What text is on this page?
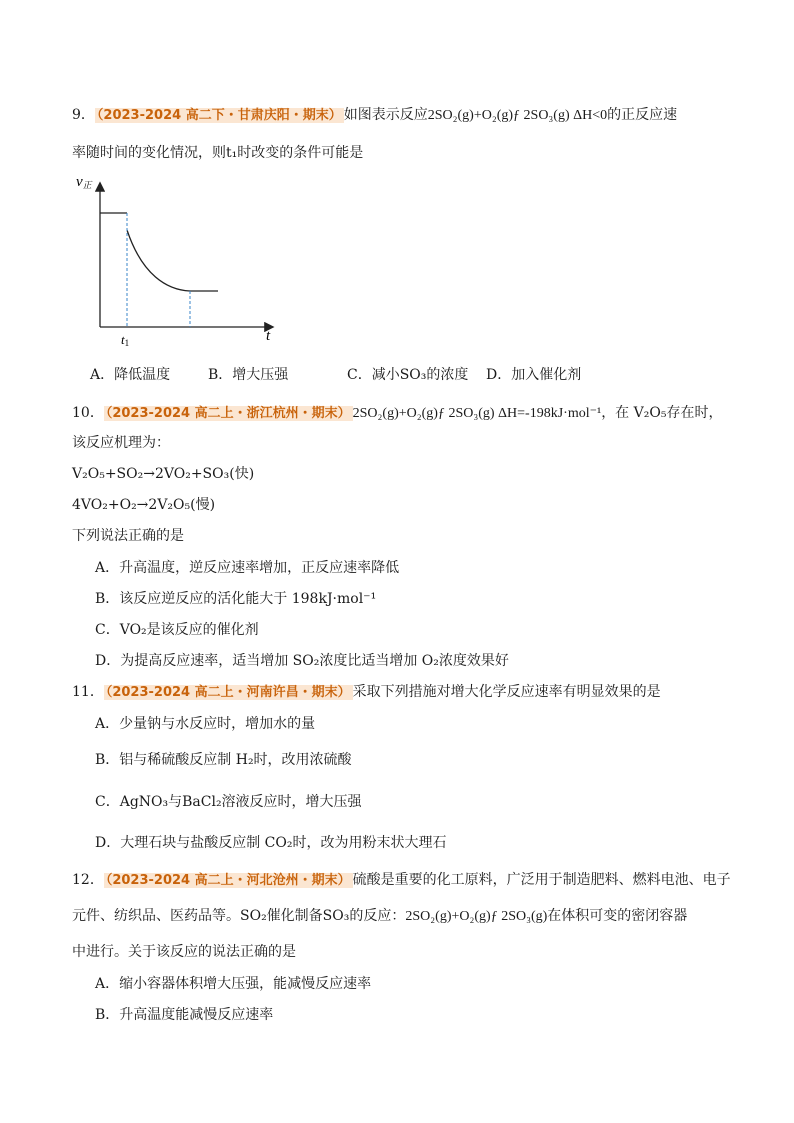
9． （2023-2024 高二下・甘肃庆阳・期末） 如图表示反应2SO₂(g)+O₂(g)ƒ 2SO₃(g) ΔH<0的正反应速
率随时间的变化情况，则t₁时改变的条件可能是
v正
t
t1
A．降低温度	B．增大压强	C．减小SO₃的浓度 D．加入催化剂
10． （2023-2024 高二上・浙江杭州・期末） 2SO₂(g)+O₂(g)ƒ 2SO₃(g) ΔH=-198kJ·mol⁻¹，在 V₂O₅存在时，
该反应机理为：
V₂O₅+SO₂→2VO₂+SO₃(快)
4VO₂+O₂→2V₂O₅(慢)
下列说法正确的是
A．升高温度，逆反应速率增加，正反应速率降低
B．该反应逆反应的活化能大于 198kJ·mol⁻¹
C．VO₂是该反应的催化剂
D．为提高反应速率，适当增加 SO₂浓度比适当增加 O₂浓度效果好
11． （2023-2024 高二上・河南许昌・期末） 采取下列措施对增大化学反应速率有明显效果的是
A．少量钠与水反应时，增加水的量
B．铝与稀硫酸反应制 H₂时，改用浓硫酸
C．AgNO₃与BaCl₂溶液反应时，增大压强
D．大理石块与盐酸反应制 CO₂时，改为用粉末状大理石
12． （2023-2024 高二上・河北沧州・期末） 硫酸是重要的化工原料，广泛用于制造肥料、燃料电池、电子
元件、纺织品、医药品等。SO₂催化制备SO₃的反应：2SO₂(g)+O₂(g)ƒ 2SO₃(g)在体积可变的密闭容器
中进行。关于该反应的说法正确的是
A．缩小容器体积增大压强，能减慢反应速率
B．升高温度能减慢反应速率
